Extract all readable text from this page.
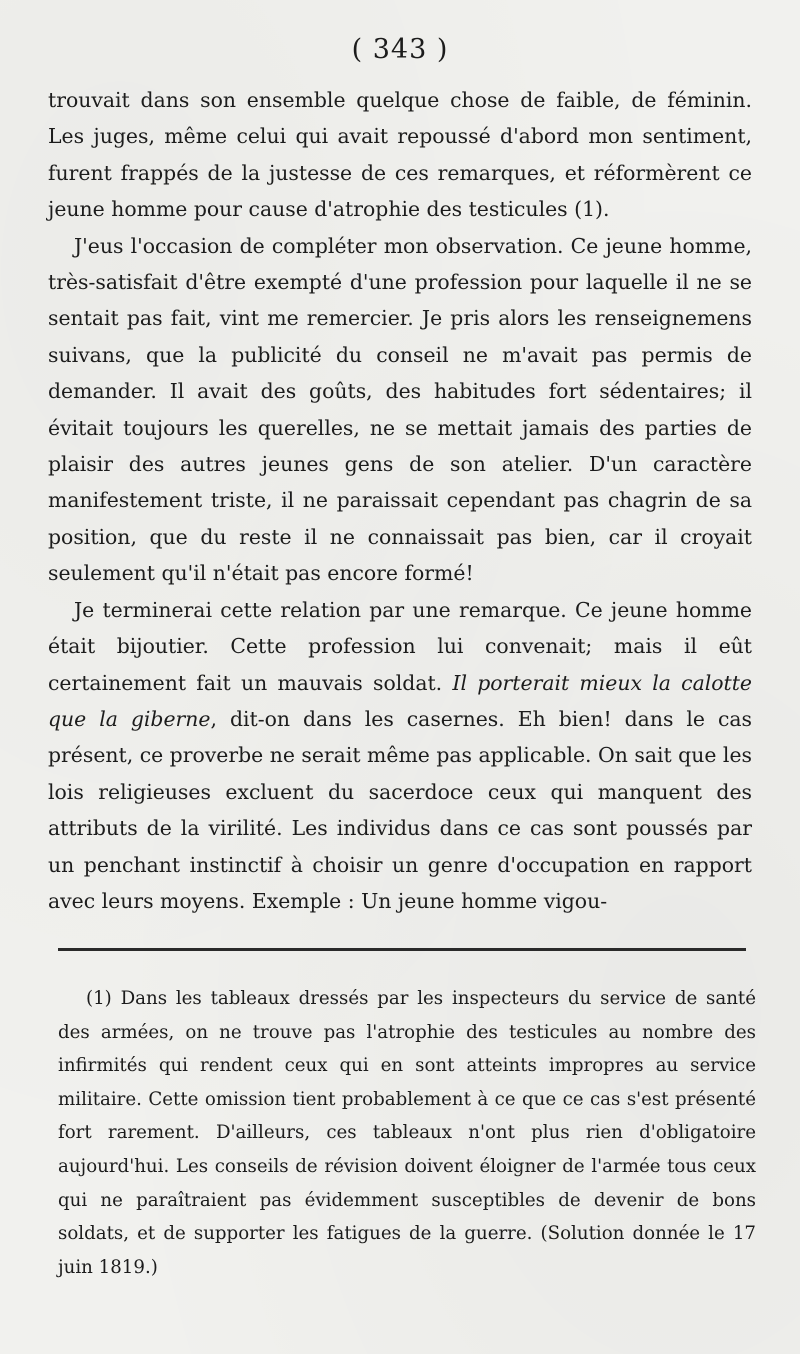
( 343 )

trouvait dans son ensemble quelque chose de faible, de féminin. Les juges, même celui qui avait repoussé d'abord mon sentiment, furent frappés de la justesse de ces remarques, et réformèrent ce jeune homme pour cause d'atrophie des testicules (1).

J'eus l'occasion de compléter mon observation. Ce jeune homme, très-satisfait d'être exempté d'une profession pour laquelle il ne se sentait pas fait, vint me remercier. Je pris alors les renseignemens suivans, que la publicité du conseil ne m'avait pas permis de demander. Il avait des goûts, des habitudes fort sédentaires; il évitait toujours les querelles, ne se mettait jamais des parties de plaisir des autres jeunes gens de son atelier. D'un caractère manifestement triste, il ne paraissait cependant pas chagrin de sa position, que du reste il ne connaissait pas bien, car il croyait seulement qu'il n'était pas encore formé!

Je terminerai cette relation par une remarque. Ce jeune homme était bijoutier. Cette profession lui convenait; mais il eût certainement fait un mauvais soldat. Il porterait mieux la calotte que la giberne, dit-on dans les casernes. Eh bien! dans le cas présent, ce proverbe ne serait même pas applicable. On sait que les lois religieuses excluent du sacerdoce ceux qui manquent des attributs de la virilité. Les individus dans ce cas sont poussés par un penchant instinctif à choisir un genre d'occupation en rapport avec leurs moyens. Exemple : Un jeune homme vigou-

(1) Dans les tableaux dressés par les inspecteurs du service de santé des armées, on ne trouve pas l'atrophie des testicules au nombre des infirmités qui rendent ceux qui en sont atteints impropres au service militaire. Cette omission tient probablement à ce que ce cas s'est présenté fort rarement. D'ailleurs, ces tableaux n'ont plus rien d'obligatoire aujourd'hui. Les conseils de révision doivent éloigner de l'armée tous ceux qui ne paraîtraient pas évidemment susceptibles de devenir de bons soldats, et de supporter les fatigues de la guerre. (Solution donnée le 17 juin 1819.)
